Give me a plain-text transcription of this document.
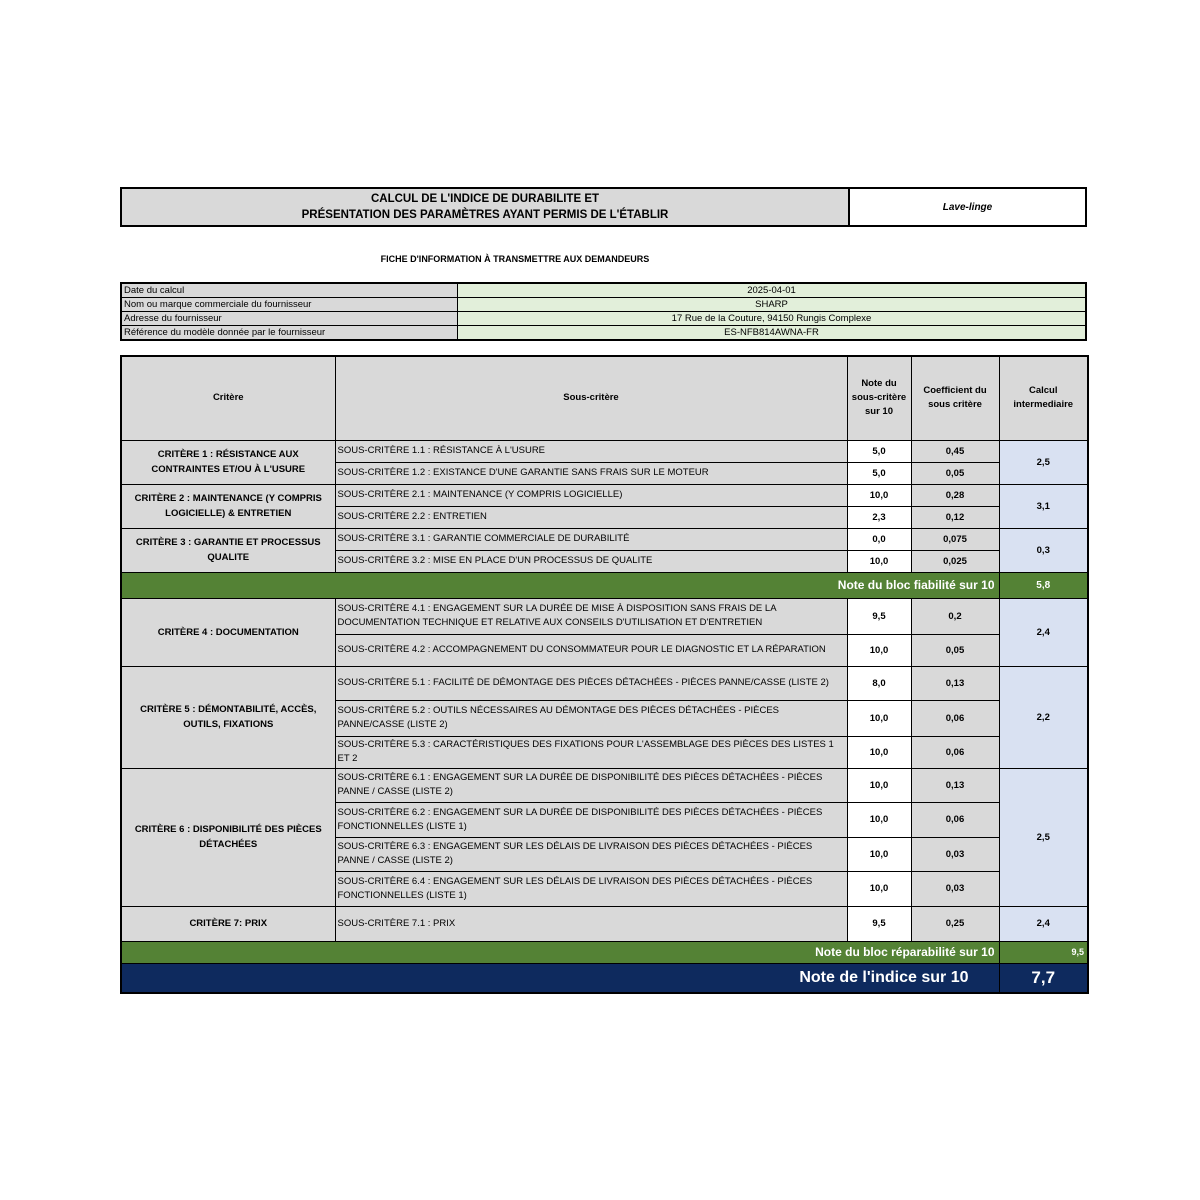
CALCUL DE L'INDICE DE DURABILITE ET
PRÉSENTATION DES PARAMÈTRES AYANT PERMIS DE L'ÉTABLIR
Lave-linge
FICHE D'INFORMATION À TRANSMETTRE AUX DEMANDEURS
Date du calcul	2025-04-01
Nom ou marque commerciale du fournisseur	SHARP
Adresse du fournisseur	17 Rue de la Couture, 94150 Rungis Complexe
Référence du modèle donnée par le fournisseur	ES-NFB814AWNA-FR
Critère	Sous-critère	Note du sous-critère sur 10	Coefficient du sous critère	Calcul intermediaire
CRITÈRE 1 : RÉSISTANCE AUX CONTRAINTES ET/OU À L'USURE	SOUS-CRITÈRE 1.1 : RÉSISTANCE À L'USURE	5,0	0,45	2,5
	SOUS-CRITÈRE 1.2 : EXISTANCE D'UNE GARANTIE SANS FRAIS SUR LE MOTEUR	5,0	0,05	
CRITÈRE 2 : MAINTENANCE (Y COMPRIS LOGICIELLE) & ENTRETIEN	SOUS-CRITÈRE 2.1 : MAINTENANCE (Y COMPRIS LOGICIELLE)	10,0	0,28	3,1
	SOUS-CRITÈRE 2.2 : ENTRETIEN	2,3	0,12	
CRITÈRE 3 : GARANTIE ET PROCESSUS QUALITE	SOUS-CRITÈRE 3.1 : GARANTIE COMMERCIALE DE DURABILITÉ	0,0	0,075	0,3
	SOUS-CRITÈRE 3.2 : MISE EN PLACE D'UN PROCESSUS DE QUALITE	10,0	0,025	
Note du bloc fiabilité sur 10				5,8
CRITÈRE 4 : DOCUMENTATION	SOUS-CRITÈRE 4.1 : ENGAGEMENT SUR LA DURÉE DE MISE À DISPOSITION SANS FRAIS DE LA DOCUMENTATION TECHNIQUE ET RELATIVE AUX CONSEILS D'UTILISATION ET D'ENTRETIEN	9,5	0,2	2,4
	SOUS-CRITÈRE 4.2 : ACCOMPAGNEMENT DU CONSOMMATEUR POUR LE DIAGNOSTIC ET LA RÉPARATION	10,0	0,05	
CRITÈRE 5 : DÉMONTABILITÉ, ACCÈS, OUTILS, FIXATIONS	SOUS-CRITÈRE 5.1 : FACILITÉ DE DÉMONTAGE DES PIÈCES DÉTACHÉES - PIÈCES PANNE/CASSE (LISTE 2)	8,0	0,13	2,2
	SOUS-CRITÈRE 5.2 : OUTILS NÉCESSAIRES AU DÉMONTAGE DES PIÈCES DÉTACHÉES - PIÈCES PANNE/CASSE (LISTE 2)	10,0	0,06	
	SOUS-CRITÈRE 5.3 : CARACTÉRISTIQUES DES FIXATIONS POUR L'ASSEMBLAGE DES PIÈCES DES LISTES 1 ET 2	10,0	0,06	
CRITÈRE 6 : DISPONIBILITÉ DES PIÈCES DÉTACHÉES	SOUS-CRITÈRE 6.1 : ENGAGEMENT SUR LA DURÉE DE DISPONIBILITÉ DES PIÈCES DÉTACHÉES - PIÈCES PANNE / CASSE (LISTE 2)	10,0	0,13	2,5
	SOUS-CRITÈRE 6.2 : ENGAGEMENT SUR LA DURÉE DE DISPONIBILITÉ DES PIÈCES DÉTACHÉES - PIÈCES FONCTIONNELLES (LISTE 1)	10,0	0,06	
	SOUS-CRITÈRE 6.3 : ENGAGEMENT SUR LES DÉLAIS DE LIVRAISON DES PIÈCES DÉTACHÉES - PIÈCES PANNE / CASSE (LISTE 2)	10,0	0,03	
	SOUS-CRITÈRE 6.4 : ENGAGEMENT SUR LES DÉLAIS DE LIVRAISON DES PIÈCES DÉTACHÉES - PIÈCES FONCTIONNELLES (LISTE 1)	10,0	0,03	
CRITÈRE 7: PRIX	SOUS-CRITÈRE 7.1 : PRIX	9,5	0,25	2,4
Note du bloc réparabilité sur 10				9,5
Note de l'indice sur 10				7,7
